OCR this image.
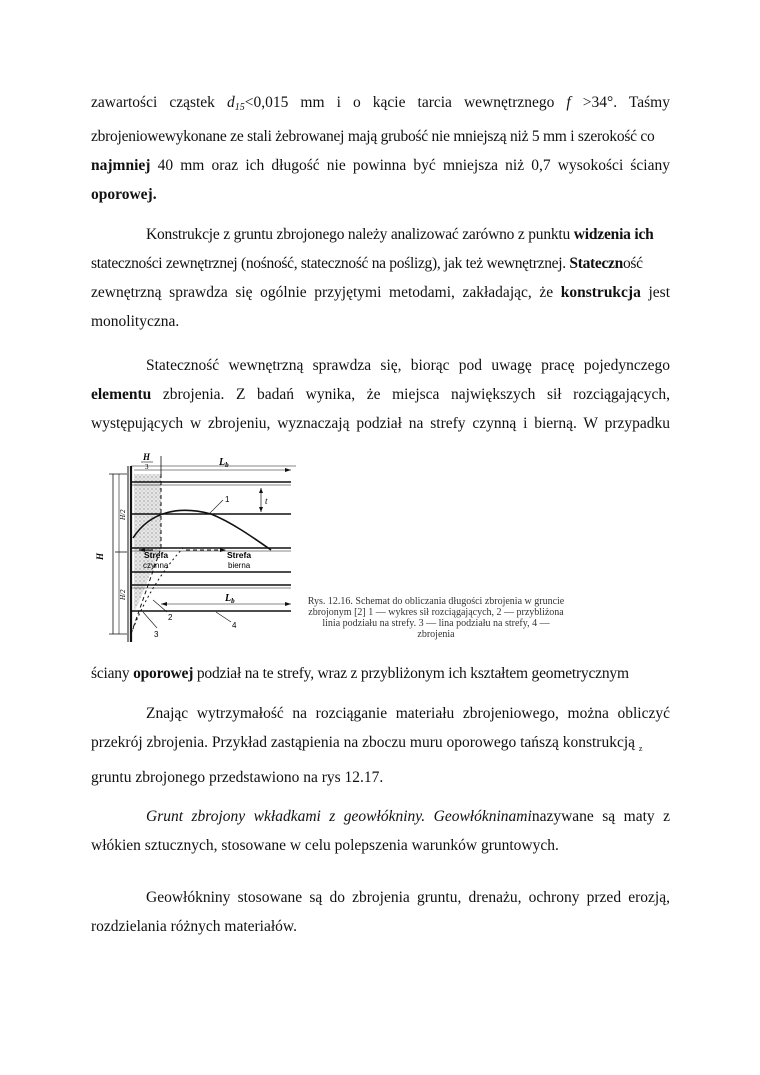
zawartości cząstek $d_{15}<0,015$ mm i o kącie tarcia wewnętrznego f >34°. Taśmy
zbrojeniowewykonane ze stali żebrowanej mają grubość nie mniejszą niż 5 mm i szerokość co
najmniej 40 mm oraz ich długość nie powinna być mniejsza niż 0,7 wysokości ściany
oporowej.
Konstrukcje z gruntu zbrojonego należy analizować zarówno z punktu widzenia ich
stateczności zewnętrznej (nośność, stateczność na poślizg), jak też wewnętrznej. Stateczność
zewnętrzną sprawdza się ogólnie przyjętymi metodami, zakładając, że konstrukcja jest
monolityczna.
Stateczność wewnętrzną sprawdza się, biorąc pod uwagę pracę pojedynczego
elementu zbrojenia. Z badań wynika, że miejsca największych sił rozciągających,
występujących w zbrojeniu, wyznaczają podział na strefy czynną i bierną. W przypadku
H
H/2
H/2
H
3	$L_b$
t
1
Strefa
czynna
Strefa
bierna
$L_b$
2
3
4
Rys. 12.16. Schemat do obliczania długości zbrojenia w gruncie zbrojonym [2] 1 — wykres sił rozciągających, 2 — przybliżona linia podziału na strefy. 3 — lina podziału na strefy, 4 — zbrojenia
ściany oporowej podział na te strefy, wraz z przybliżonym ich kształtem geometrycznym
Znając wytrzymałość na rozciąganie materiału zbrojeniowego, można obliczyć
przekrój zbrojenia. Przykład zastąpienia na zboczu muru oporowego tańszą konstrukcją $_z$
gruntu zbrojonego przedstawiono na rys 12.17.
Grunt zbrojony wkładkami z geowłókniny. Geowłókninaminazywane są maty z
włókien sztucznych, stosowane w celu polepszenia warunków gruntowych.
Geowłókniny stosowane są do zbrojenia gruntu, drenażu, ochrony przed erozją,
rozdzielania różnych materiałów.
